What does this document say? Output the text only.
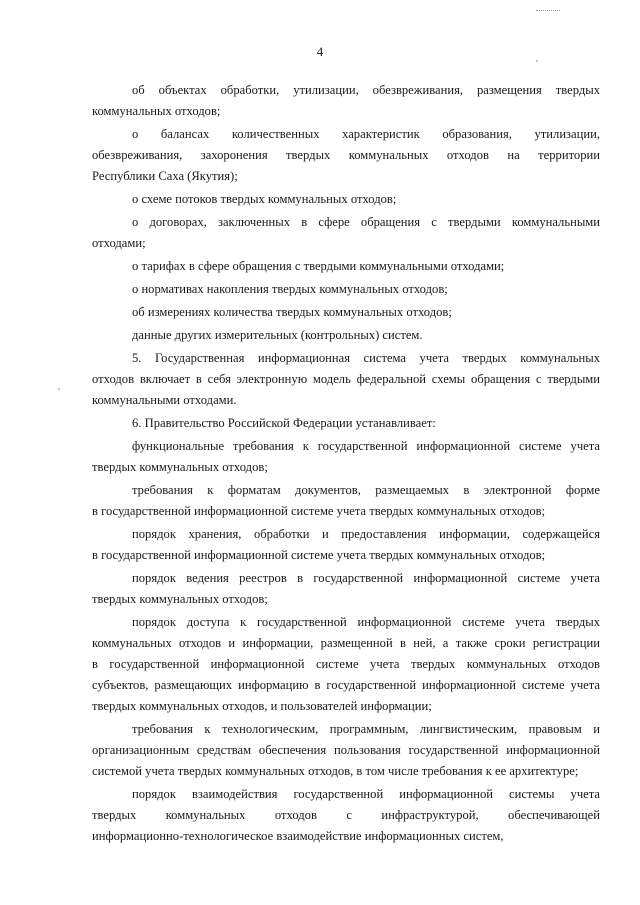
4
об объектах обработки, утилизации, обезвреживания, размещения твердых
коммунальных отходов;
о балансах количественных характеристик образования, утилизации,
обезвреживания, захоронения твердых коммунальных отходов на территории
Республики Саха (Якутия);
о схеме потоков твердых коммунальных отходов;
о договорах, заключенных в сфере обращения с твердыми коммунальными
отходами;
о тарифах в сфере обращения с твердыми коммунальными отходами;
о нормативах накопления твердых коммунальных отходов;
об измерениях количества твердых коммунальных отходов;
данные других измерительных (контрольных) систем.
5. Государственная информационная система учета твердых коммунальных
отходов включает в себя электронную модель федеральной схемы обращения с твердыми
коммунальными отходами.
6. Правительство Российской Федерации устанавливает:
функциональные требования к государственной информационной системе учета
твердых коммунальных отходов;
требования к форматам документов, размещаемых в электронной форме
в государственной информационной системе учета твердых коммунальных отходов;
порядок хранения, обработки и предоставления информации, содержащейся
в государственной информационной системе учета твердых коммунальных отходов;
порядок ведения реестров в государственной информационной системе учета
твердых коммунальных отходов;
порядок доступа к государственной информационной системе учета твердых
коммунальных отходов и информации, размещенной в ней, а также сроки регистрации
в государственной информационной системе учета твердых коммунальных отходов
субъектов, размещающих информацию в государственной информационной системе учета
твердых коммунальных отходов, и пользователей информации;
требования к технологическим, программным, лингвистическим, правовым и
организационным средствам обеспечения пользования государственной информационной
системой учета твердых коммунальных отходов, в том числе требования к ее архитектуре;
порядок взаимодействия государственной информационной системы учета
твердых коммунальных отходов с инфраструктурой, обеспечивающей
информационно-технологическое взаимодействие информационных систем,
